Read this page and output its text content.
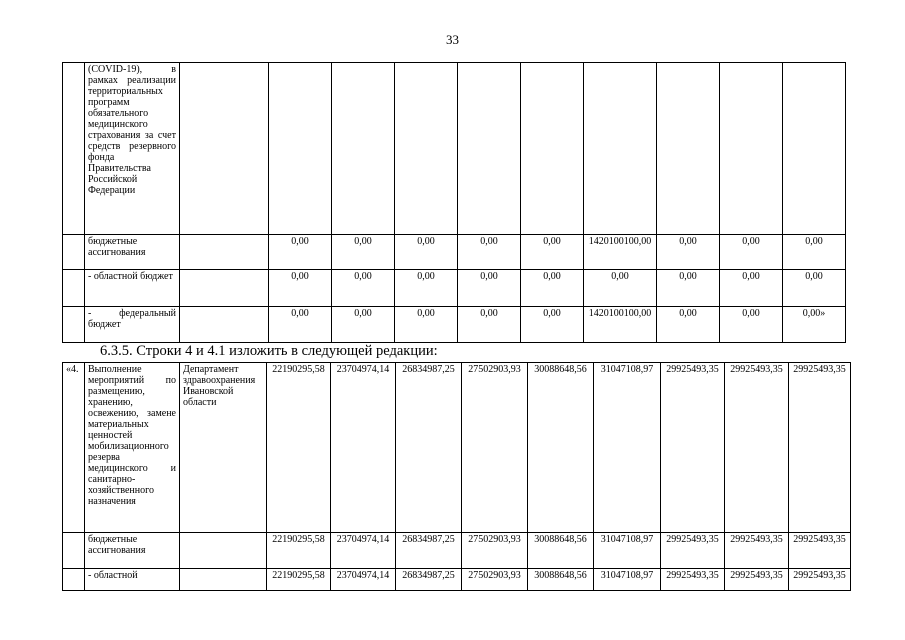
33
	(COVID-19), в рамках реализации территориальных программ обязательного медицинского страхования за счет средств резервного фонда Правительства Российской Федерации										
	бюджетные ассигнования		0,00	0,00	0,00	0,00	0,00	1420100100,00	0,00	0,00	0,00
	- областной бюджет		0,00	0,00	0,00	0,00	0,00	0,00	0,00	0,00	0,00
	- федеральный бюджет		0,00	0,00	0,00	0,00	0,00	1420100100,00	0,00	0,00	0,00»
6.3.5. Строки 4 и 4.1 изложить в следующей редакции:
«4.	Выполнение мероприятий по размещению, хранению, освежению, замене материальных ценностей мобилизационного резерва медицинского и санитарно-хозяйственного назначения	Департамент здравоохранения Ивановской области	22190295,58	23704974,14	26834987,25	27502903,93	30088648,56	31047108,97	29925493,35	29925493,35	29925493,35
	бюджетные ассигнования		22190295,58	23704974,14	26834987,25	27502903,93	30088648,56	31047108,97	29925493,35	29925493,35	29925493,35
	- областной		22190295,58	23704974,14	26834987,25	27502903,93	30088648,56	31047108,97	29925493,35	29925493,35	29925493,35
